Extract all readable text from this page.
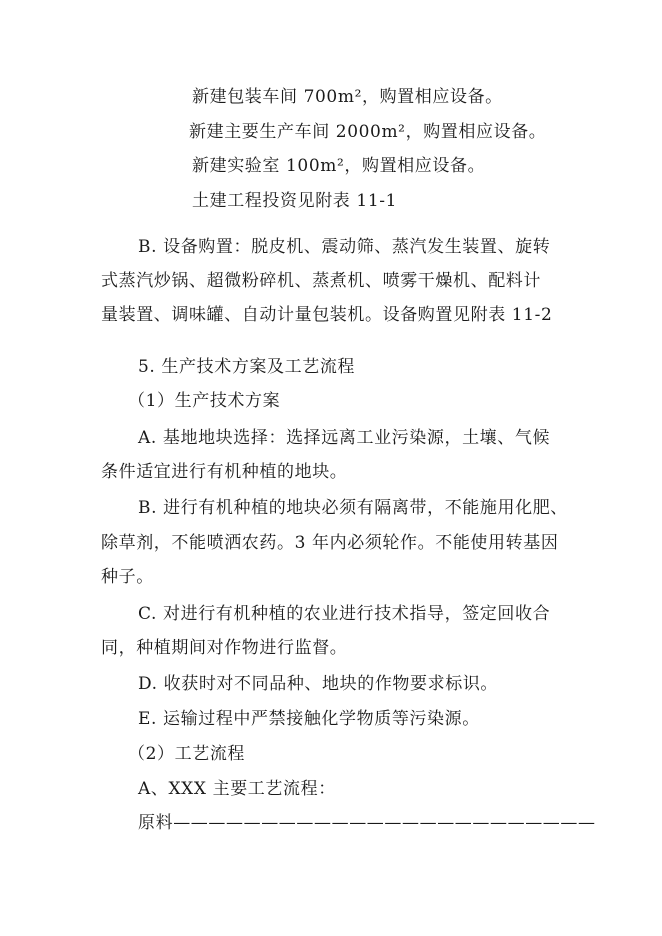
新建包装车间 700m²，购置相应设备。
新建主要生产车间 2000m²，购置相应设备。
新建实验室 100m²，购置相应设备。
土建工程投资见附表 11-1
B. 设备购置：脱皮机、震动筛、蒸汽发生装置、旋转
式蒸汽炒锅、超微粉碎机、蒸煮机、喷雾干燥机、配料计
量装置、调味罐、自动计量包装机。设备购置见附表 11-2
5. 生产技术方案及工艺流程
（1）生产技术方案
A. 基地地块选择：选择远离工业污染源，土壤、气候
条件适宜进行有机种植的地块。
B. 进行有机种植的地块必须有隔离带，不能施用化肥、
除草剂，不能喷洒农药。3 年内必须轮作。不能使用转基因
种子。
C. 对进行有机种植的农业进行技术指导，签定回收合
同，种植期间对作物进行监督。
D. 收获时对不同品种、地块的作物要求标识。
E. 运输过程中严禁接触化学物质等污染源。
（2）工艺流程
A、XXX 主要工艺流程：
原料————————————————————————
